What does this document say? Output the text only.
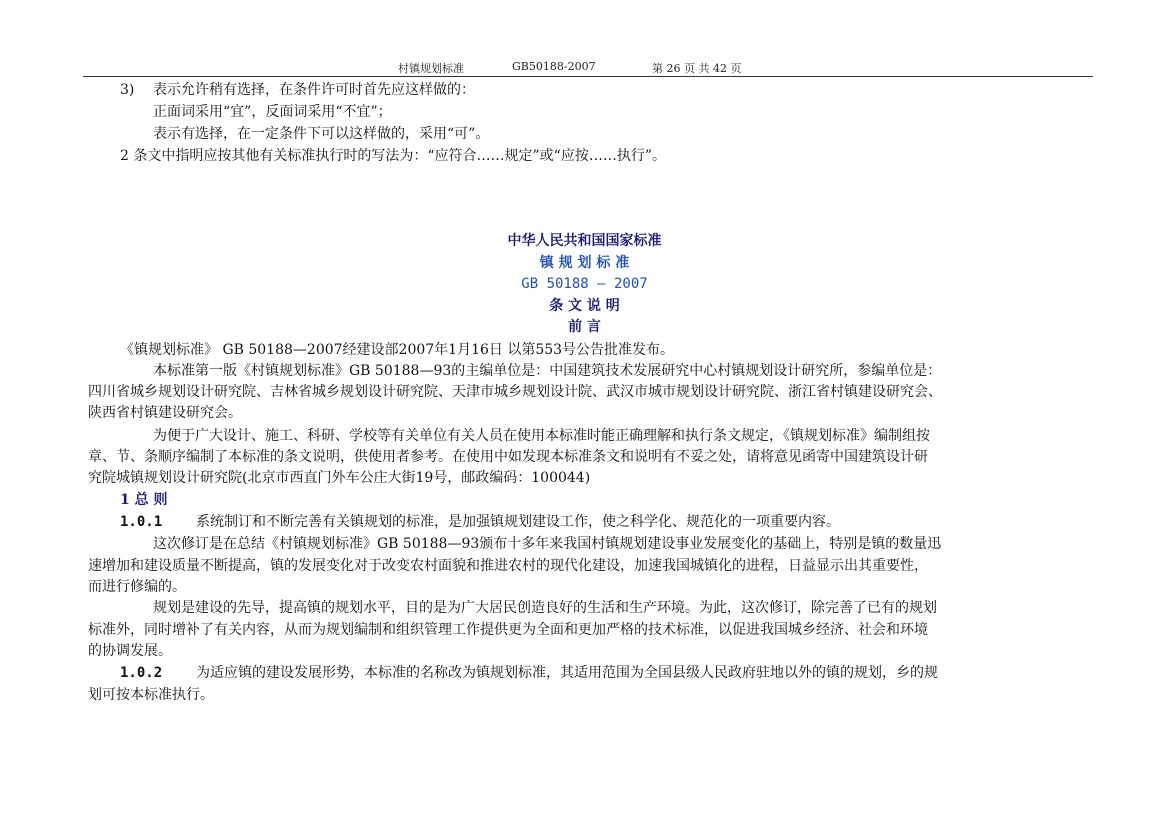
村镇规划标准	GB50188-2007	第 26 页 共 42 页
3) 表示允许稍有选择，在条件许可时首先应这样做的：
正面词采用“宜”，反面词采用“不宜”；
表示有选择，在一定条件下可以这样做的，采用“可”。
2 条文中指明应按其他有关标准执行时的写法为：“应符合……规定”或“应按……执行”。
中华人民共和国国家标准
镇 规 划 标 准
GB 50188 — 2007
条 文 说 明
前 言
《镇规划标准》 GB 50188—2007经建设部2007年1月16日 以第553号公告批准发布。
本标准第一版《村镇规划标准》GB 50188—93的主编单位是：中国建筑技术发展研究中心村镇规划设计研究所，参编单位是：
四川省城乡规划设计研究院、吉林省城乡规划设计研究院、天津市城乡规划设计院、武汉市城市规划设计研究院、浙江省村镇建设研究会、
陕西省村镇建设研究会。
为便于广大设计、施工、科研、学校等有关单位有关人员在使用本标准时能正确理解和执行条文规定，《镇规划标准》编制组按
章、节、条顺序编制了本标准的条文说明，供使用者参考。在使用中如发现本标准条文和说明有不妥之处，请将意见函寄中国建筑设计研
究院城镇规划设计研究院(北京市西直门外车公庄大街19号，邮政编码：100044)
1 总 则
1.0.1 系统制订和不断完善有关镇规划的标准，是加强镇规划建设工作，使之科学化、规范化的一项重要内容。
这次修订是在总结《村镇规划标准》GB 50188—93颁布十多年来我国村镇规划建设事业发展变化的基础上，特别是镇的数量迅
速增加和建设质量不断提高，镇的发展变化对于改变农村面貌和推进农村的现代化建设，加速我国城镇化的进程，日益显示出其重要性，
而进行修编的。
规划是建设的先导，提高镇的规划水平，目的是为广大居民创造良好的生活和生产环境。为此，这次修订，除完善了已有的规划
标准外，同时增补了有关内容，从而为规划编制和组织管理工作提供更为全面和更加严格的技术标准，以促进我国城乡经济、社会和环境
的协调发展。
1.0.2 为适应镇的建设发展形势，本标准的名称改为镇规划标准，其适用范围为全国县级人民政府驻地以外的镇的规划，乡的规
划可按本标准执行。
